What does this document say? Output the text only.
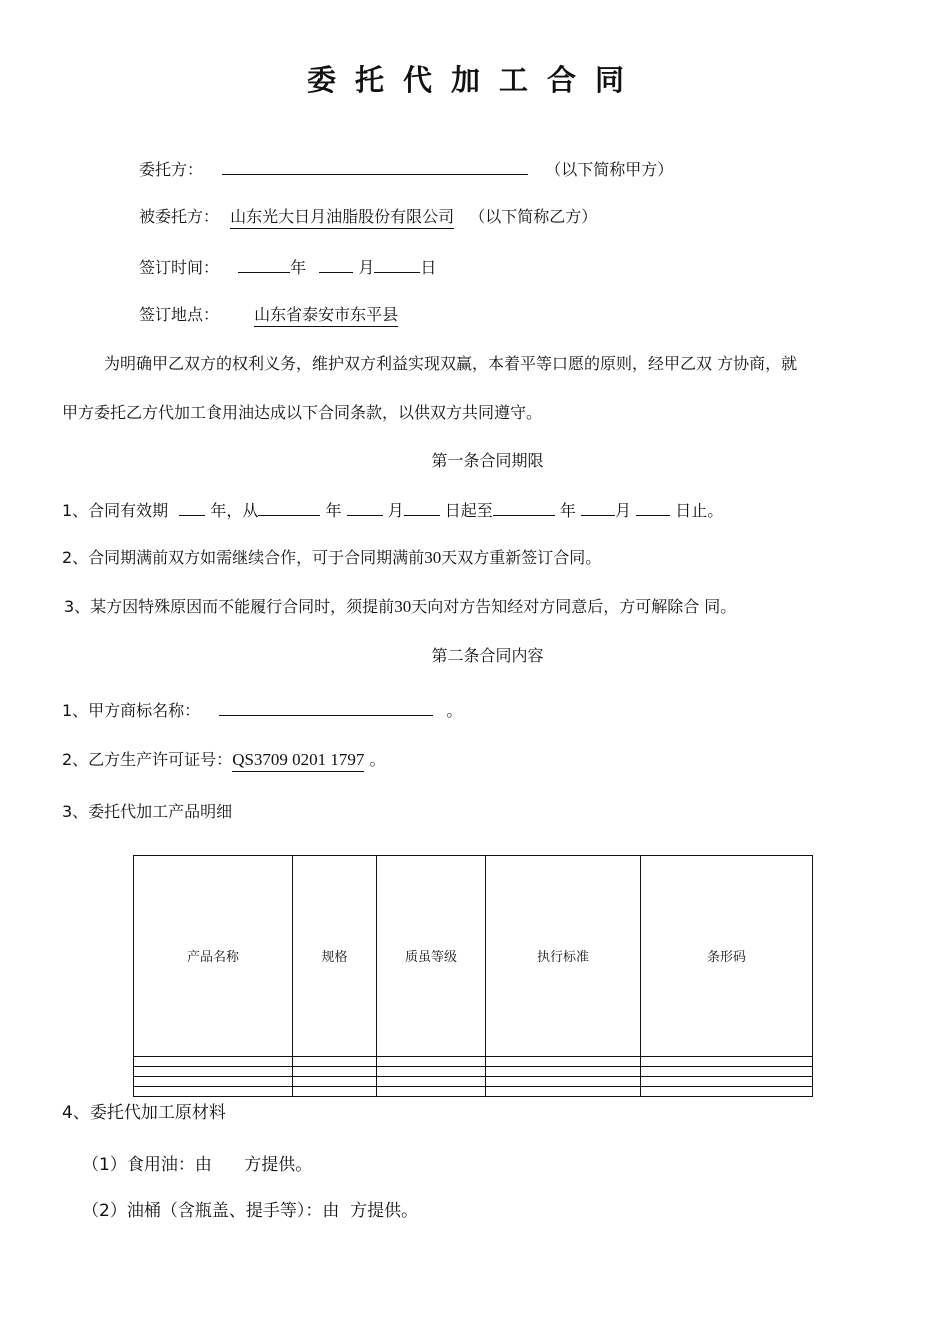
委托代加工合同
委托方：	（以下简称甲方）
被委托方： 山东光大日月油脂股份有限公司 （以下简称乙方）
签订时间：	年	月	日
签订地点： 山东省泰安市东平县
为明确甲乙双方的权利义务，维护双方利益实现双赢，本着平等口愿的原则，经甲乙双 方协商，就
甲方委托乙方代加工食用油达成以下合同条款，以供双方共同遵守。
第一条合同期限
1、合同有效期	年，从	年	月	日起至	年 月	日止。
2、合同期满前双方如需继续合作，可于合同期满前30天双方重新签订合同。
3、某方因特殊原因而不能履行合同时，须提前30天向对方告知经对方同意后，方可解除合 同。
第二条合同内容
1、甲方商标名称：	。
2、乙方生产许可证号：QS3709 0201 1797 。
3、委托代加工产品明细
产品名称	规格	质虽等级	执行标准	条形码

4、委托代加工原材料
（1）食用油：由      方提供。
（2）油桶（含瓶盖、提手等）：由  方提供。
